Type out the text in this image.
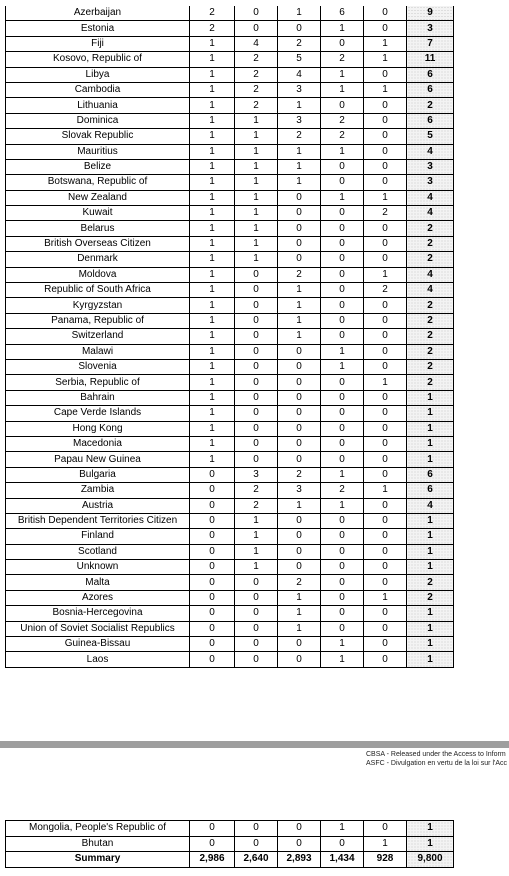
Azerbaijan	2	0	1	6	0	9
Estonia	2	0	0	1	0	3
Fiji	1	4	2	0	1	7
Kosovo, Republic of	1	2	5	2	1	11
Libya	1	2	4	1	0	6
Cambodia	1	2	3	1	1	6
Lithuania	1	2	1	0	0	2
Dominica	1	1	3	2	0	6
Slovak Republic	1	1	2	2	0	5
Mauritius	1	1	1	1	0	4
Belize	1	1	1	0	0	3
Botswana, Republic of	1	1	1	0	0	3
New Zealand	1	1	0	1	1	4
Kuwait	1	1	0	0	2	4
Belarus	1	1	0	0	0	2
British Overseas Citizen	1	1	0	0	0	2
Denmark	1	1	0	0	0	2
Moldova	1	0	2	0	1	4
Republic of South Africa	1	0	1	0	2	4
Kyrgyzstan	1	0	1	0	0	2
Panama, Republic of	1	0	1	0	0	2
Switzerland	1	0	1	0	0	2
Malawi	1	0	0	1	0	2
Slovenia	1	0	0	1	0	2
Serbia, Republic of	1	0	0	0	1	2
Bahrain	1	0	0	0	0	1
Cape Verde Islands	1	0	0	0	0	1
Hong Kong	1	0	0	0	0	1
Macedonia	1	0	0	0	0	1
Papau New Guinea	1	0	0	0	0	1
Bulgaria	0	3	2	1	0	6
Zambia	0	2	3	2	1	6
Austria	0	2	1	1	0	4
British Dependent Territories Citizen	0	1	0	0	0	1
Finland	0	1	0	0	0	1
Scotland	0	1	0	0	0	1
Unknown	0	1	0	0	0	1
Malta	0	0	2	0	0	2
Azores	0	0	1	0	1	2
Bosnia-Hercegovina	0	0	1	0	0	1
Union of Soviet Socialist Republics	0	0	1	0	0	1
Guinea-Bissau	0	0	0	1	0	1
Laos	0	0	0	1	0	1
CBSA - Released under the Access to Inform
ASFC - Divulgation en vertu de la loi sur l'Acc
Mongolia, People's Republic of	0	0	0	1	0	1
Bhutan	0	0	0	0	1	1
Summary	2,986	2,640	2,893	1,434	928	9,800
